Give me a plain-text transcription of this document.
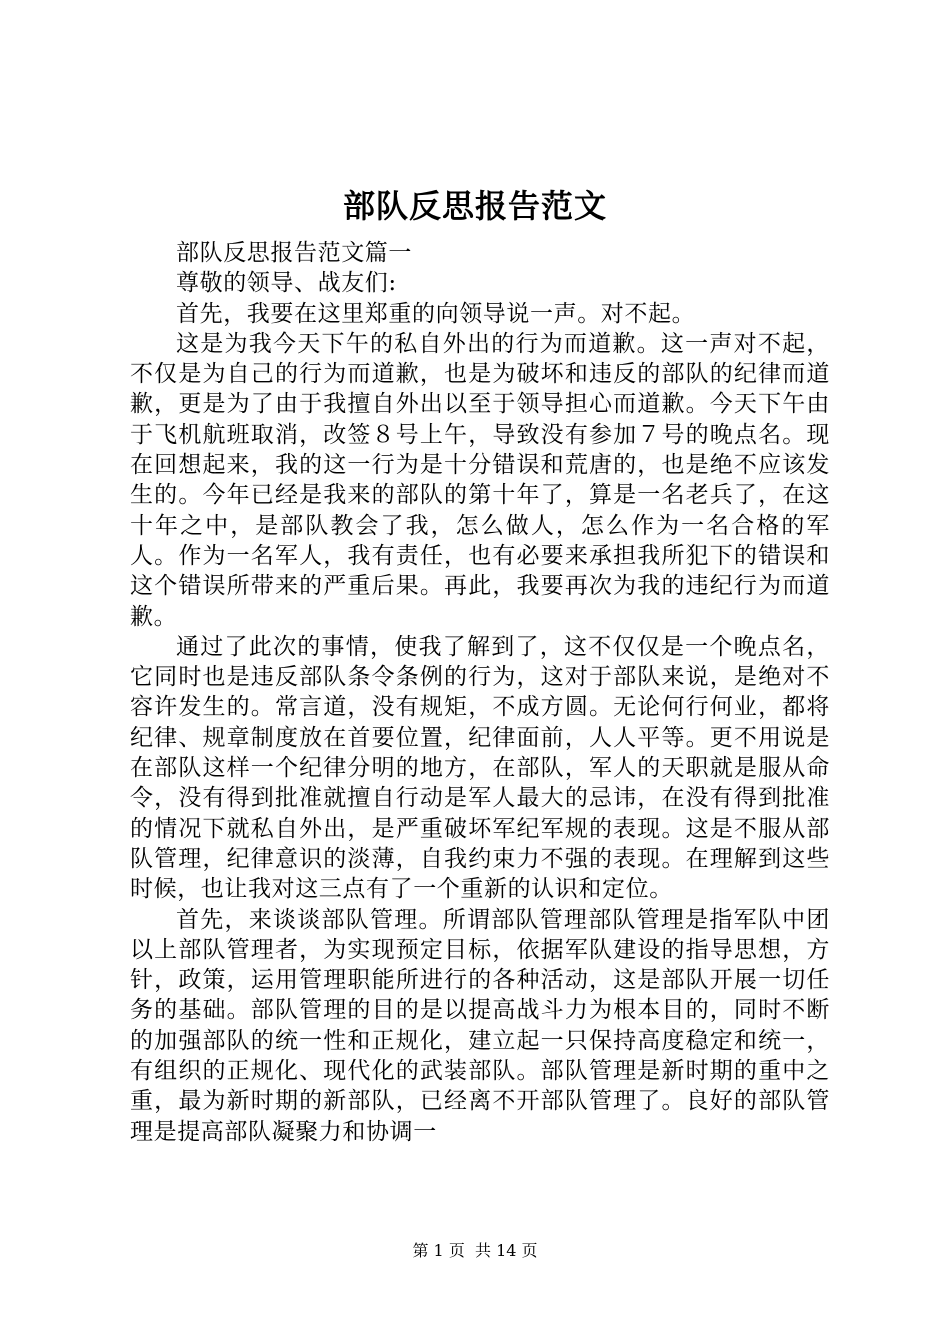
部队反思报告范文

部队反思报告范文篇一

尊敬的领导、战友们:

首先，我要在这里郑重的向领导说一声。对不起。

这是为我今天下午的私自外出的行为而道歉。这一声对不起，不仅是为自己的行为而道歉，也是为破坏和违反的部队的纪律而道歉，更是为了由于我擅自外出以至于领导担心而道歉。今天下午由于飞机航班取消，改签８号上午，导致没有参加７号的晚点名。现在回想起来，我的这一行为是十分错误和荒唐的，也是绝不应该发生的。今年已经是我来的部队的第十年了，算是一名老兵了，在这十年之中，是部队教会了我，怎么做人，怎么作为一名合格的军人。作为一名军人，我有责任，也有必要来承担我所犯下的错误和这个错误所带来的严重后果。再此，我要再次为我的违纪行为而道歉。

通过了此次的事情，使我了解到了，这不仅仅是一个晚点名，它同时也是违反部队条令条例的行为，这对于部队来说，是绝对不容许发生的。常言道，没有规矩，不成方圆。无论何行何业，都将纪律、规章制度放在首要位置，纪律面前，人人平等。更不用说是在部队这样一个纪律分明的地方，在部队，军人的天职就是服从命令，没有得到批准就擅自行动是军人最大的忌讳，在没有得到批准的情况下就私自外出，是严重破坏军纪军规的表现。这是不服从部队管理，纪律意识的淡薄，自我约束力不强的表现。在理解到这些时候，也让我对这三点有了一个重新的认识和定位。

首先，来谈谈部队管理。所谓部队管理部队管理是指军队中团以上部队管理者，为实现预定目标，依据军队建设的指导思想，方针，政策，运用管理职能所进行的各种活动，这是部队开展一切任务的基础。部队管理的目的是以提高战斗力为根本目的，同时不断的加强部队的统一性和正规化，建立起一只保持高度稳定和统一，有组织的正规化、现代化的武装部队。部队管理是新时期的重中之重，最为新时期的新部队，已经离不开部队管理了。良好的部队管理是提高部队凝聚力和协调一

第 1 页  共 14 页
